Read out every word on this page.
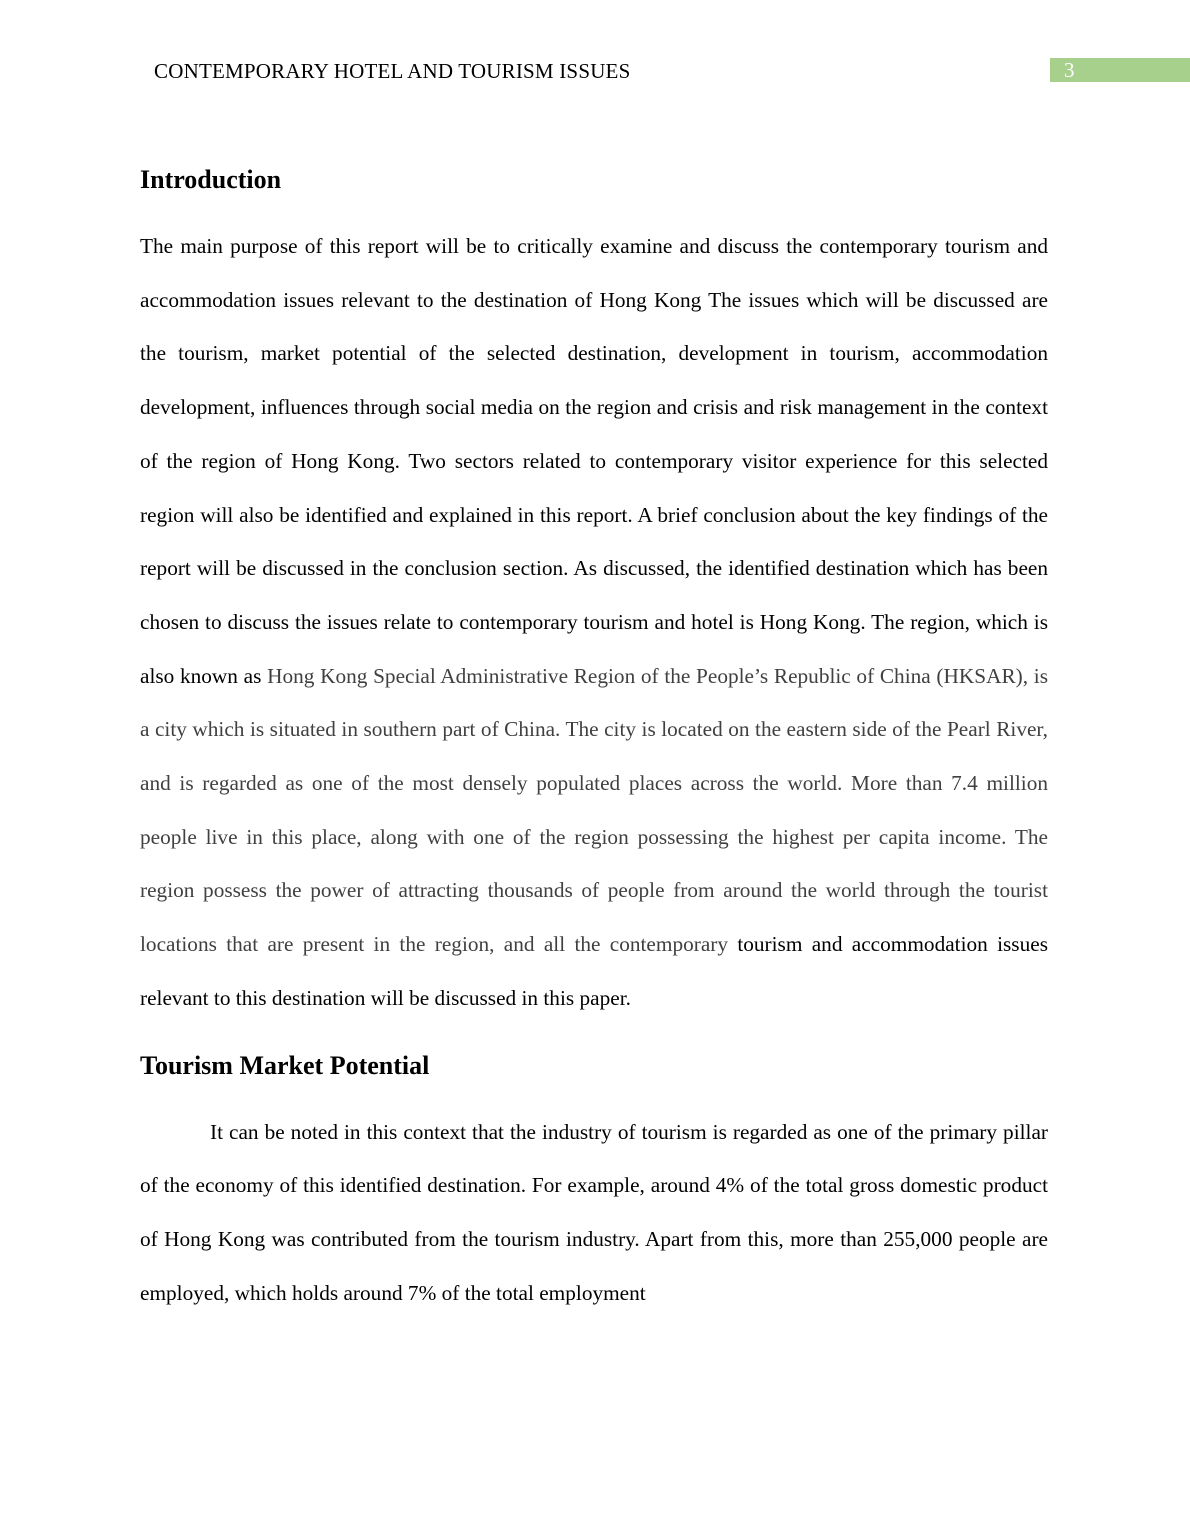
CONTEMPORARY HOTEL AND TOURISM ISSUES	3
Introduction

The main purpose of this report will be to critically examine and discuss the contemporary tourism and accommodation issues relevant to the destination of Hong Kong The issues which will be discussed are the tourism, market potential of the selected destination, development in tourism, accommodation development, influences through social media on the region and crisis and risk management in the context of the region of Hong Kong. Two sectors related to contemporary visitor experience for this selected region will also be identified and explained in this report. A brief conclusion about the key findings of the report will be discussed in the conclusion section. As discussed, the identified destination which has been chosen to discuss the issues relate to contemporary tourism and hotel is Hong Kong. The region, which is also known as Hong Kong Special Administrative Region of the People’s Republic of China (HKSAR), is a city which is situated in southern part of China. The city is located on the eastern side of the Pearl River, and is regarded as one of the most densely populated places across the world. More than 7.4 million people live in this place, along with one of the region possessing the highest per capita income. The region possess the power of attracting thousands of people from around the world through the tourist locations that are present in the region, and all the contemporary tourism and accommodation issues relevant to this destination will be discussed in this paper.

Tourism Market Potential

It can be noted in this context that the industry of tourism is regarded as one of the primary pillar of the economy of this identified destination. For example, around 4% of the total gross domestic product of Hong Kong was contributed from the tourism industry. Apart from this, more than 255,000 people are employed, which holds around 7% of the total employment
